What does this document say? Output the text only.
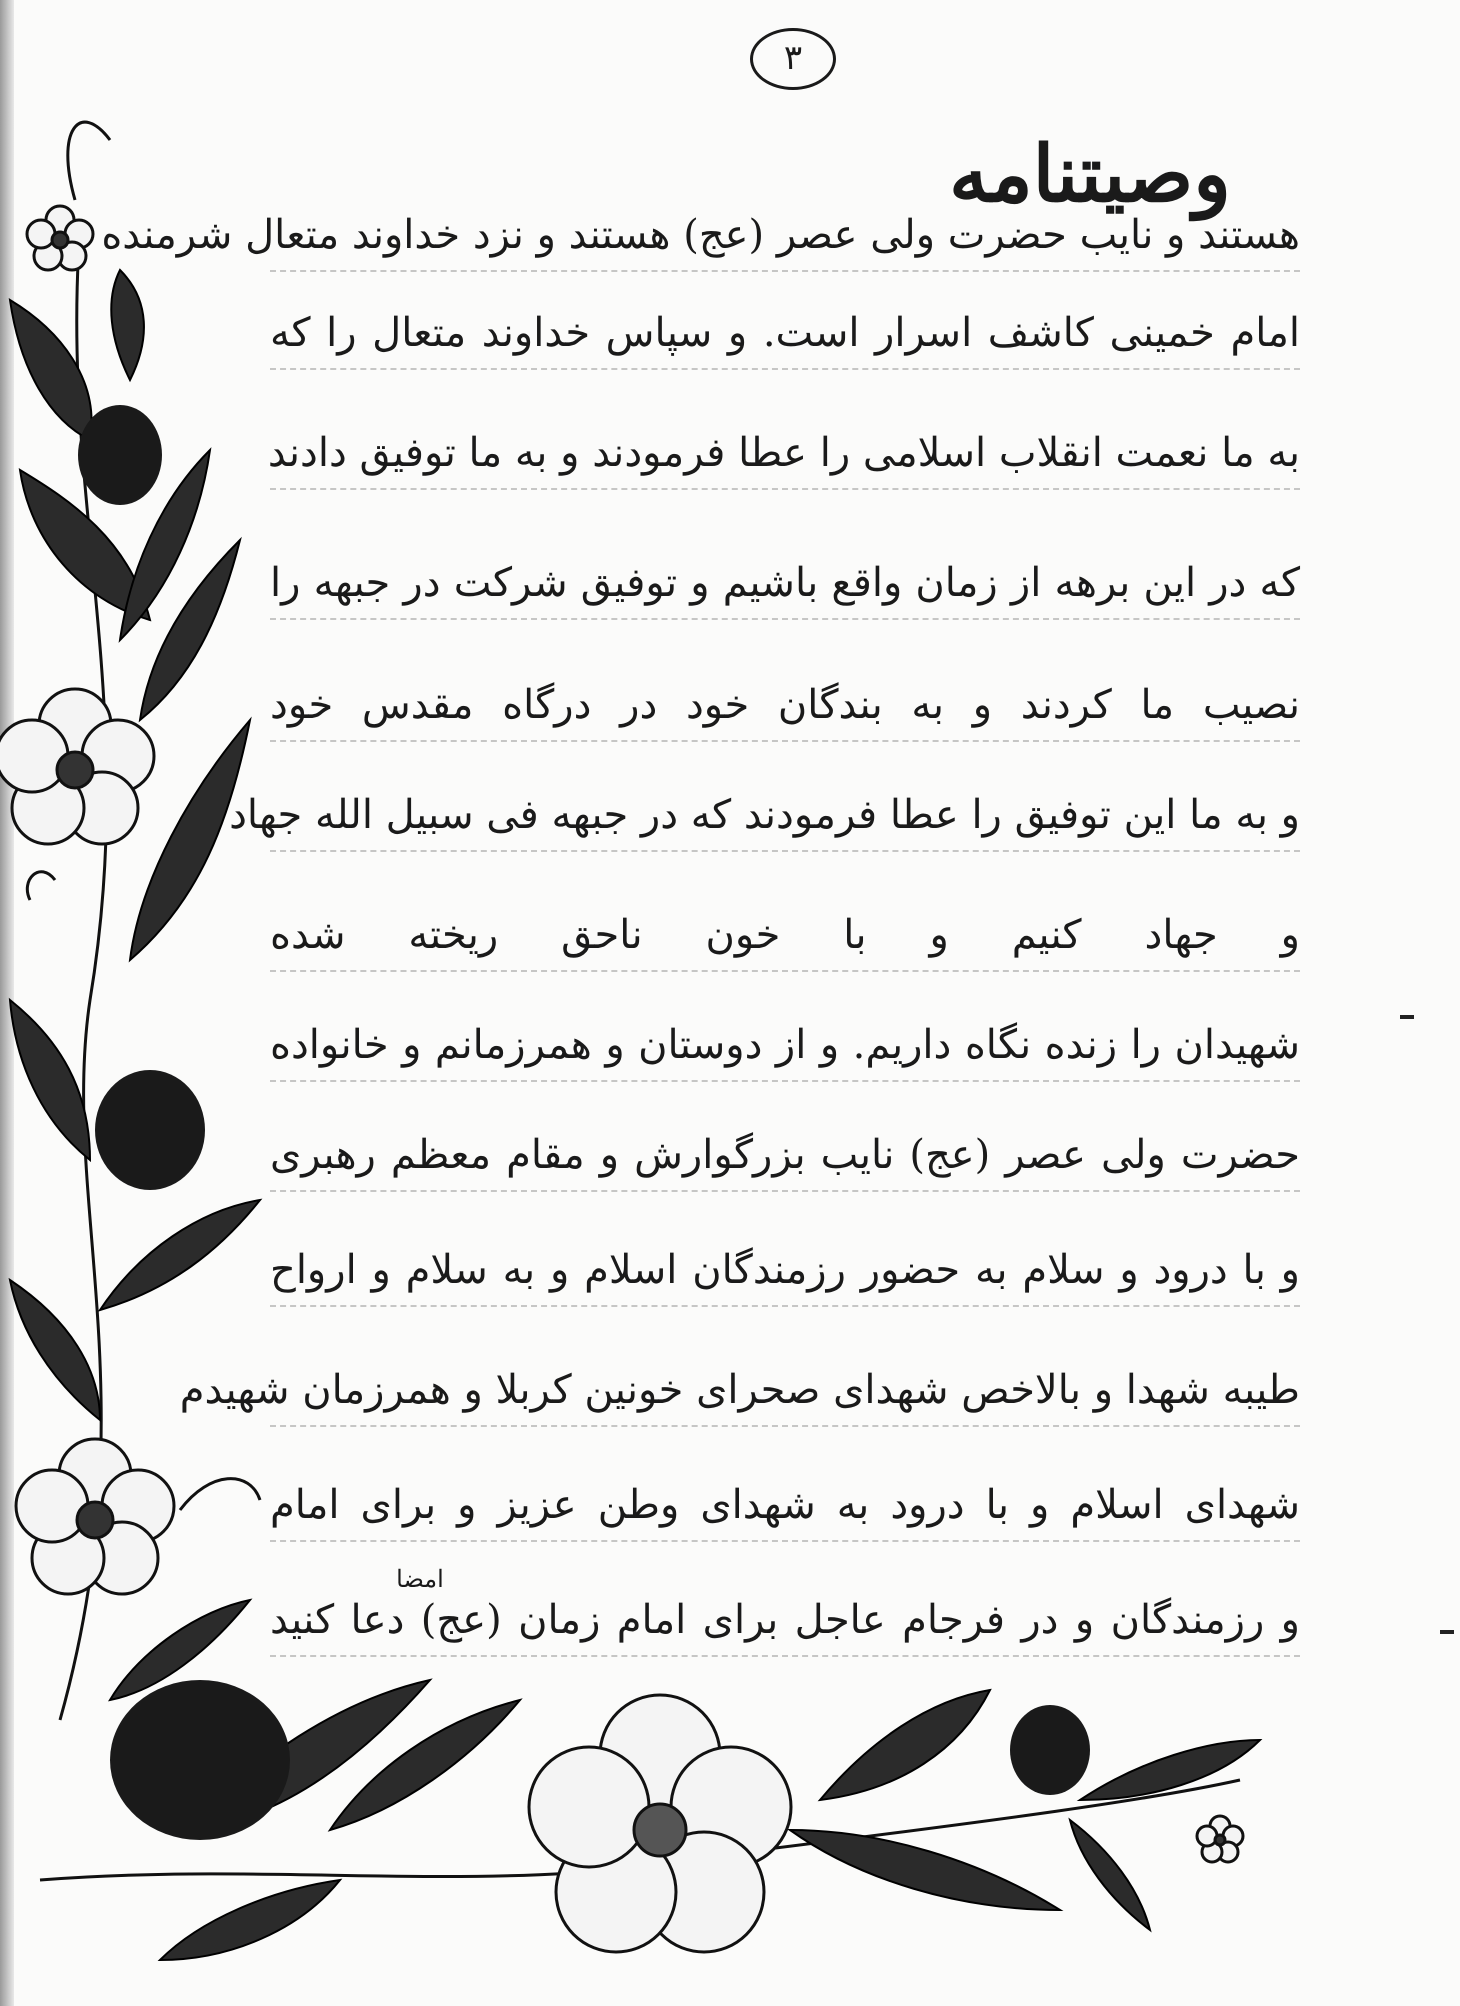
۳
وصیتنامه
هستند و نایب حضرت ولی عصر (عج) هستند و نزد خداوند متعال شرمنده
امام خمینی کاشف اسرار است. و سپاس خداوند متعال را که
به ما نعمت انقلاب اسلامی را عطا فرمودند و به ما توفیق دادند
که در این برهه از زمان واقع باشیم و توفیق شرکت در جبهه را
نصیب ما کردند و به بندگان خود در درگاه مقدس خود
و به ما این توفیق را عطا فرمودند که در جبهه فی سبیل الله جهاد
و جهاد کنیم و با خون ناحق ریخته شده
شهیدان را زنده نگاه داریم. و از دوستان و همرزمانم و خانواده
حضرت ولی عصر (عج) نایب بزرگوارش و مقام معظم رهبری
و با درود و سلام به حضور رزمندگان اسلام و به سلام و ارواح
طیبه شهدا و بالاخص شهدای صحرای خونین کربلا و همرزمان شهیدم
شهدای اسلام و با درود به شهدای وطن عزیز و برای امام
و رزمندگان و در فرجام عاجل برای امام زمان (عج) دعا کنید
امضا
